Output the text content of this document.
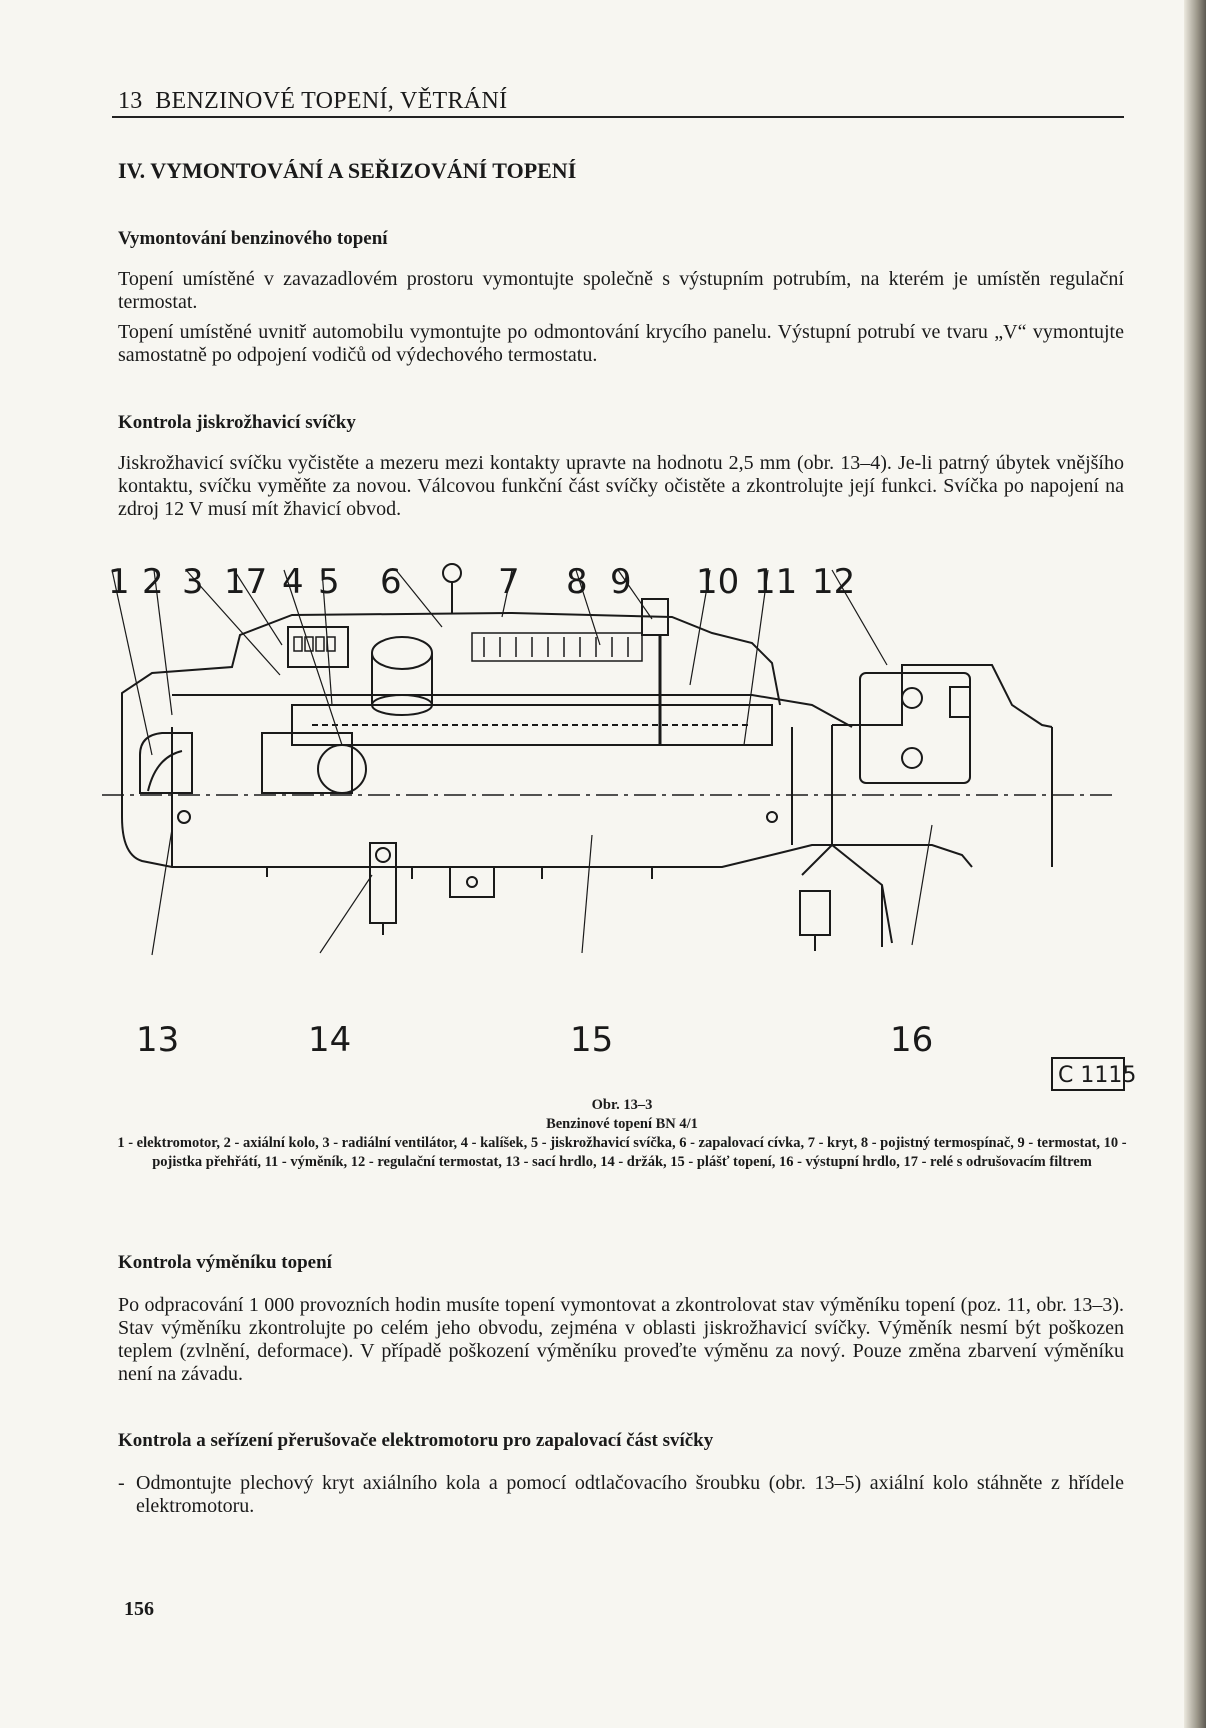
13 BENZINOVÉ TOPENÍ, VĚTRÁNÍ
IV. VYMONTOVÁNÍ A SEŘIZOVÁNÍ TOPENÍ
Vymontování benzinového topení
Topení umístěné v zavazadlovém prostoru vymontujte společně s výstupním potrubím, na kterém je umístěn regulační termostat.
Topení umístěné uvnitř automobilu vymontujte po odmontování krycího panelu. Výstupní potrubí ve tvaru „V“ vymontujte samostatně po odpojení vodičů od výdechového termostatu.
Kontrola jiskrožhavicí svíčky
Jiskrožhavicí svíčku vyčistěte a mezeru mezi kontakty upravte na hodnotu 2,5 mm (obr. 13–4). Je-li patrný úbytek vnějšího kontaktu, svíčku vyměňte za novou. Válcovou funkční část svíčky očistěte a zkontrolujte její funkci. Svíčka po napojení na zdroj 12 V musí mít žhavicí obvod.
1 2 3 17 4 5 6	7 8 9 10 11 12
13	14	15	16
C 1115
Obr. 13–3
Benzinové topení BN 4/1
1 - elektromotor, 2 - axiální kolo, 3 - radiální ventilátor, 4 - kalíšek, 5 - jiskrožhavicí svíčka, 6 - zapalovací cívka, 7 - kryt, 8 - pojistný termospínač, 9 - termostat, 10 - pojistka přehřátí, 11 - výměník, 12 - regulační termostat, 13 - sací hrdlo, 14 - držák, 15 - plášť topení, 16 - výstupní hrdlo, 17 - relé s odrušovacím filtrem
Kontrola výměníku topení
Po odpracování 1 000 provozních hodin musíte topení vymontovat a zkontrolovat stav výměníku topení (poz. 11, obr. 13–3). Stav výměníku zkontrolujte po celém jeho obvodu, zejména v oblasti jiskrožhavicí svíčky. Výměník nesmí být poškozen teplem (zvlnění, deformace). V případě poškození výměníku proveďte výměnu za nový. Pouze změna zbarvení výměníku není na závadu.
Kontrola a seřízení přerušovače elektromotoru pro zapalovací část svíčky
- Odmontujte plechový kryt axiálního kola a pomocí odtlačovacího šroubku (obr. 13–5) axiální kolo stáhněte z hřídele elektromotoru.
156
